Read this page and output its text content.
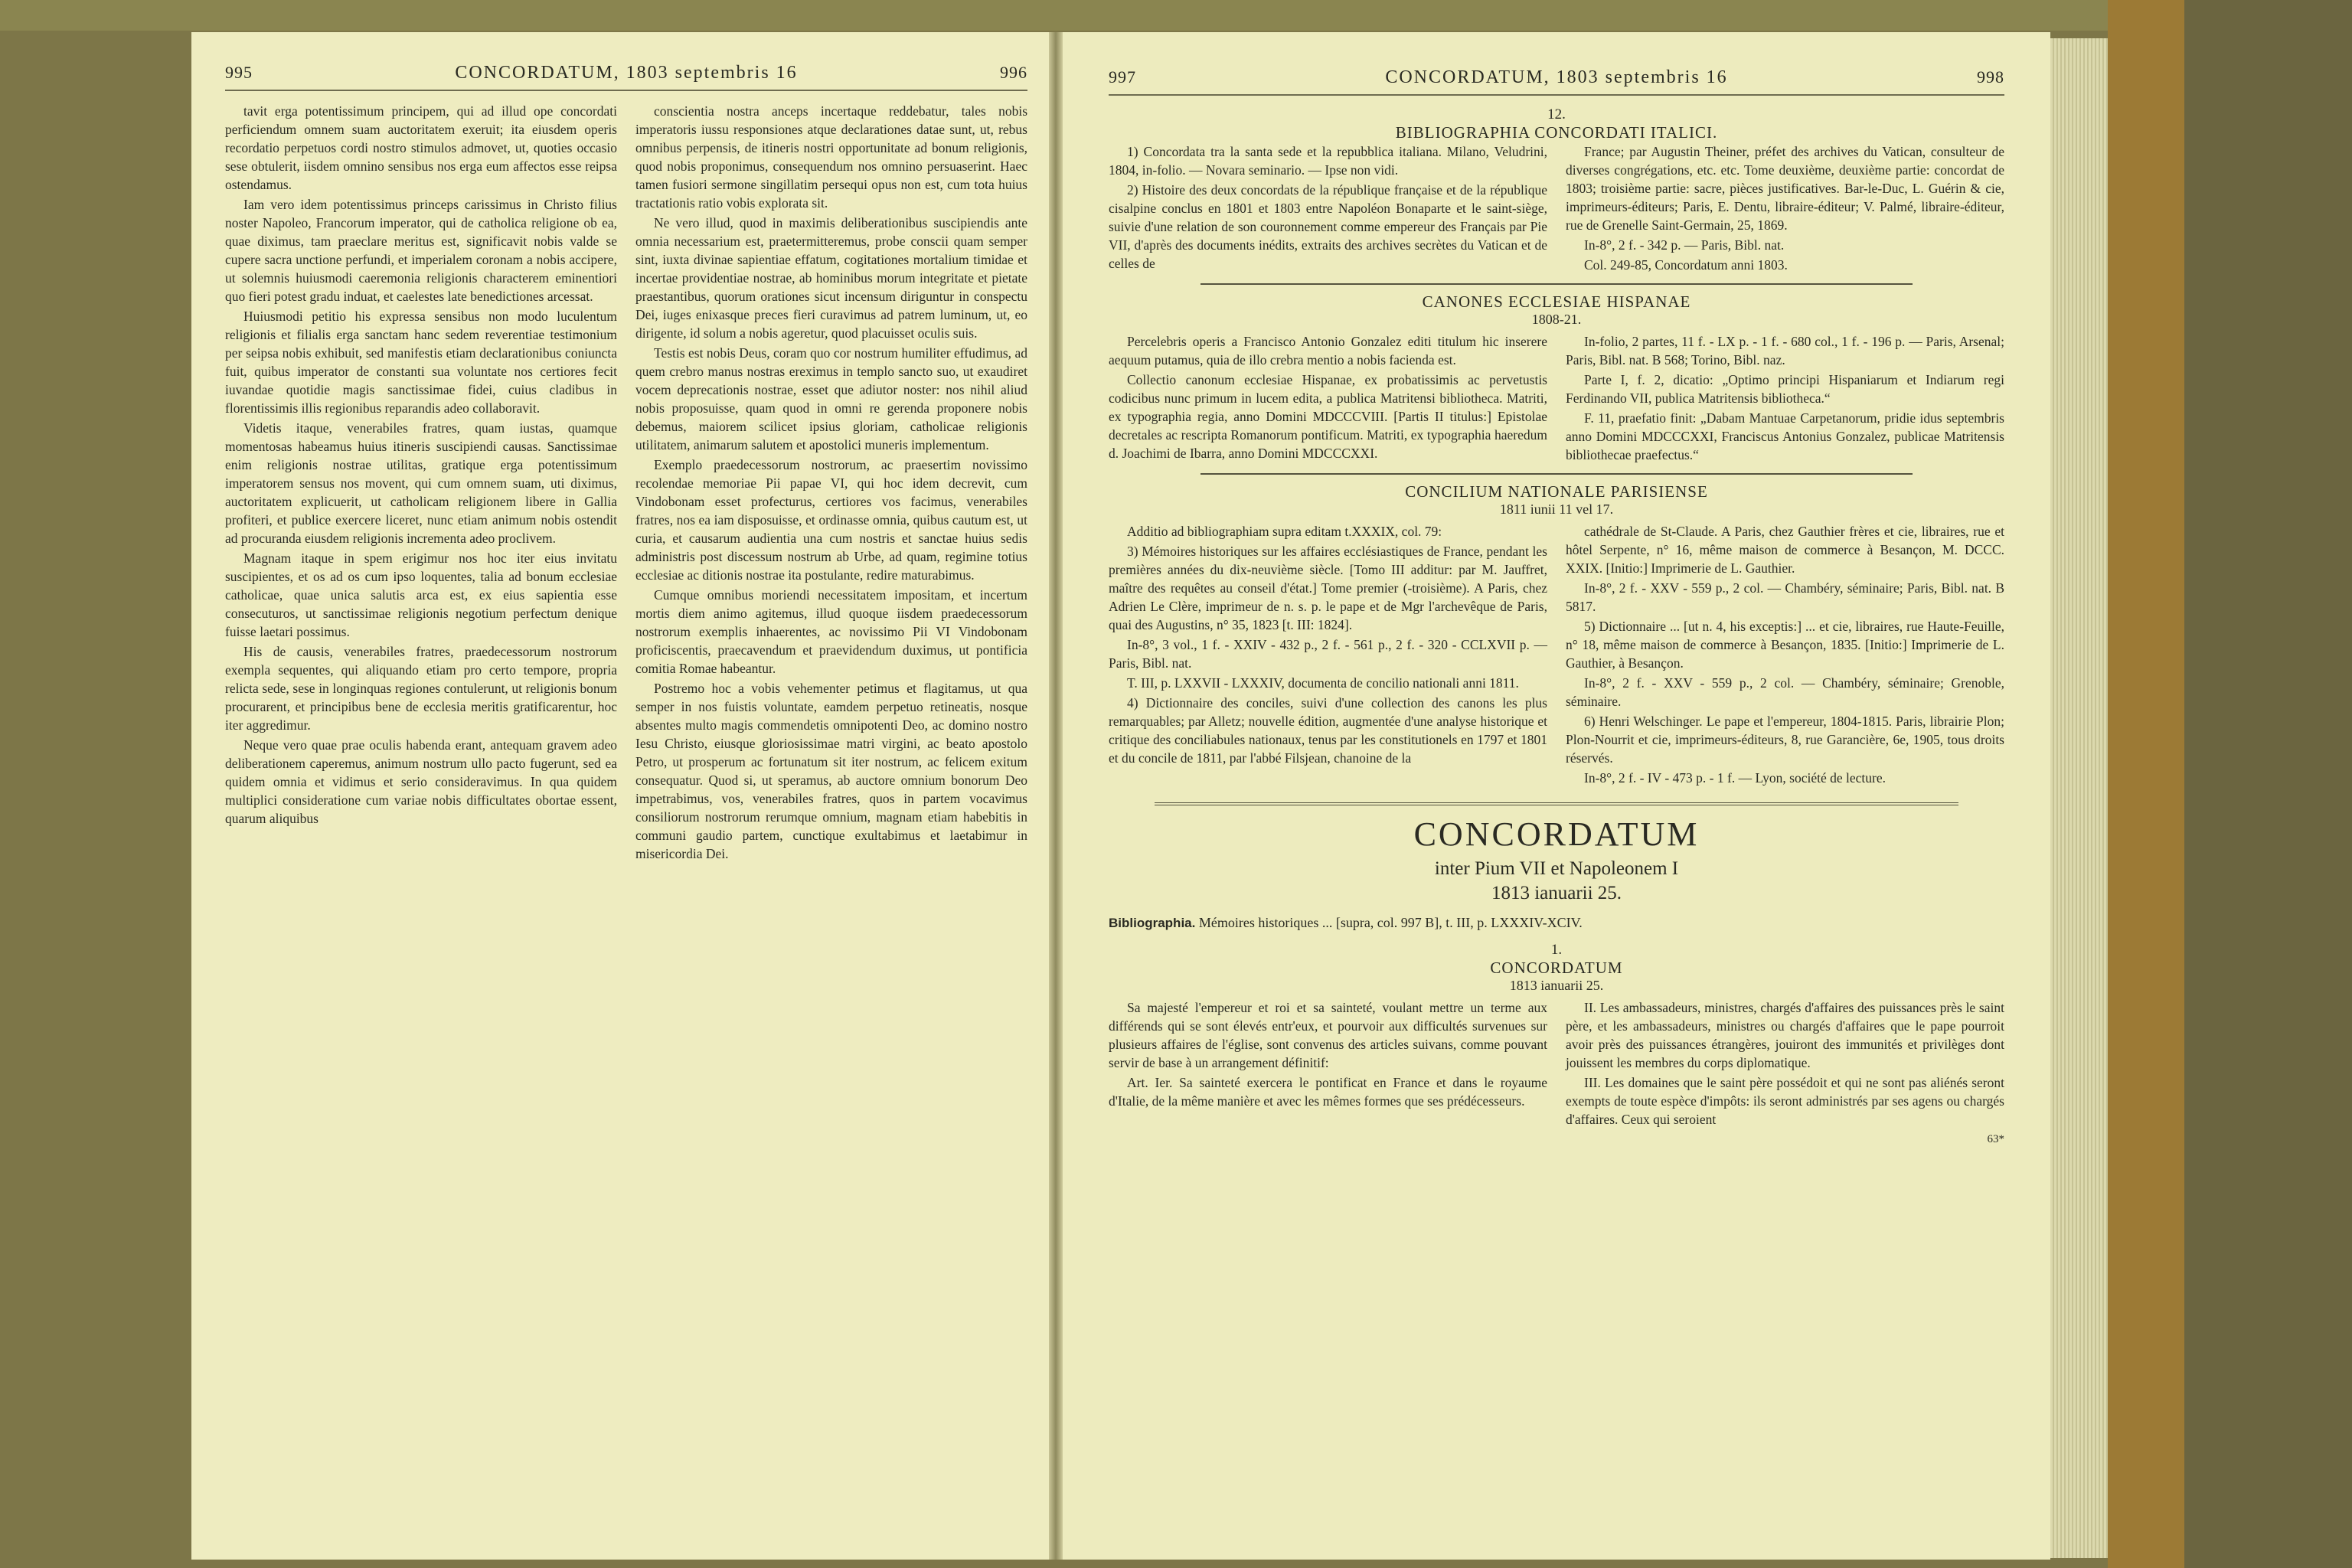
995	CONCORDATUM, 1803 septembris 16	996

tavit erga potentissimum principem, qui ad illud ope concordati perficiendum omnem suam auctoritatem exeruit; ita eiusdem operis recordatio perpetuos cordi nostro stimulos admovet, ut, quoties occasio sese obtulerit, iisdem omnino sensibus nos erga eum affectos esse reipsa ostendamus.

Iam vero idem potentissimus princeps carissimus in Christo filius noster Napoleo, Francorum imperator, qui de catholica religione ob ea, quae diximus, tam praeclare meritus est, significavit nobis valde se cupere sacra unctione perfundi, et imperialem coronam a nobis accipere, ut solemnis huiusmodi caeremonia religionis characterem eminentiori quo fieri potest gradu induat, et caelestes late benedictiones arcessat.

Huiusmodi petitio his expressa sensibus non modo luculentum religionis et filialis erga sanctam hanc sedem reverentiae testimonium per seipsa nobis exhibuit, sed manifestis etiam declarationibus coniuncta fuit, quibus imperator de constanti sua voluntate nos certiores fecit iuvandae quotidie magis sanctissimae fidei, cuius cladibus in florentissimis illis regionibus reparandis adeo collaboravit.

Videtis itaque, venerabiles fratres, quam iustas, quamque momentosas habeamus huius itineris suscipiendi causas. Sanctissimae enim religionis nostrae utilitas, gratique erga potentissimum imperatorem sensus nos movent, qui cum omnem suam, uti diximus, auctoritatem explicuerit, ut catholicam religionem libere in Gallia profiteri, et publice exercere liceret, nunc etiam animum nobis ostendit ad procuranda eiusdem religionis incrementa adeo proclivem.

Magnam itaque in spem erigimur nos hoc iter eius invitatu suscipientes, et os ad os cum ipso loquentes, talia ad bonum ecclesiae catholicae, quae unica salutis arca est, ex eius sapientia esse consecuturos, ut sanctissimae religionis negotium perfectum denique fuisse laetari possimus.

His de causis, venerabiles fratres, praedecessorum nostrorum exempla sequentes, qui aliquando etiam pro certo tempore, propria relicta sede, sese in longinquas regiones contulerunt, ut religionis bonum procurarent, et principibus bene de ecclesia meritis gratificarentur, hoc iter aggredimur.

Neque vero quae prae oculis habenda erant, antequam gravem adeo deliberationem caperemus, animum nostrum ullo pacto fugerunt, sed ea quidem omnia et vidimus et serio consideravimus. In qua quidem multiplici consideratione cum variae nobis difficultates obortae essent, quarum aliquibus

conscientia nostra anceps incertaque reddebatur, tales nobis imperatoris iussu responsiones atque declarationes datae sunt, ut, rebus omnibus perpensis, de itineris nostri opportunitate ad bonum religionis, quod nobis proponimus, consequendum nos omnino persuaserint. Haec tamen fusiori sermone singillatim persequi opus non est, cum tota huius tractationis ratio vobis explorata sit.

Ne vero illud, quod in maximis deliberationibus suscipiendis ante omnia necessarium est, praetermitteremus, probe conscii quam semper sint, iuxta divinae sapientiae effatum, cogitationes mortalium timidae et incertae providentiae nostrae, ab hominibus morum integritate et pietate praestantibus, quorum orationes sicut incensum diriguntur in conspectu Dei, iuges enixasque preces fieri curavimus ad patrem luminum, ut, eo dirigente, id solum a nobis ageretur, quod placuisset oculis suis.

Testis est nobis Deus, coram quo cor nostrum humiliter effudimus, ad quem crebro manus nostras ereximus in templo sancto suo, ut exaudiret vocem deprecationis nostrae, esset que adiutor noster: nos nihil aliud nobis proposuisse, quam quod in omni re gerenda proponere nobis debemus, maiorem scilicet ipsius gloriam, catholicae religionis utilitatem, animarum salutem et apostolici muneris implementum.

Exemplo praedecessorum nostrorum, ac praesertim novissimo recolendae memoriae Pii papae VI, qui hoc idem decrevit, cum Vindobonam esset profecturus, certiores vos facimus, venerabiles fratres, nos ea iam disposuisse, et ordinasse omnia, quibus cautum est, ut curia, et causarum audientia una cum nostris et sanctae huius sedis administris post discessum nostrum ab Urbe, ad quam, regimine totius ecclesiae ac ditionis nostrae ita postulante, redire maturabimus.

Cumque omnibus moriendi necessitatem impositam, et incertum mortis diem animo agitemus, illud quoque iisdem praedecessorum nostrorum exemplis inhaerentes, ac novissimo Pii VI Vindobonam proficiscentis, praecavendum et praevidendum duximus, ut pontificia comitia Romae habeantur.

Postremo hoc a vobis vehementer petimus et flagitamus, ut qua semper in nos fuistis voluntate, eamdem perpetuo retineatis, nosque absentes multo magis commendetis omnipotenti Deo, ac domino nostro Iesu Christo, eiusque gloriosissimae matri virgini, ac beato apostolo Petro, ut prosperum ac fortunatum sit iter nostrum, ac felicem exitum consequatur. Quod si, ut speramus, ab auctore omnium bonorum Deo impetrabimus, vos, venerabiles fratres, quos in partem vocavimus consiliorum nostrorum rerumque omnium, magnam etiam habebitis in communi gaudio partem, cunctique exultabimus et laetabimur in misericordia Dei.

997	CONCORDATUM, 1803 septembris 16	998

12.

BIBLIOGRAPHIA CONCORDATI ITALICI.

1) Concordata tra la santa sede et la repubblica italiana. Milano, Veludrini, 1804, in-folio. — Novara seminario. — Ipse non vidi.

2) Histoire des deux concordats de la république française et de la république cisalpine conclus en 1801 et 1803 entre Napoléon Bonaparte et le saint-siège, suivie d'une relation de son couronnement comme empereur des Français par Pie VII, d'après des documents inédits, extraits des archives secrètes du Vatican et de celles de

France; par Augustin Theiner, préfet des archives du Vatican, consulteur de diverses congrégations, etc. etc. Tome deuxième, deuxième partie: concordat de 1803; troisième partie: sacre, pièces justificatives. Bar-le-Duc, L. Guérin & cie, imprimeurs-éditeurs; Paris, E. Dentu, libraire-éditeur; V. Palmé, libraire-éditeur, rue de Grenelle Saint-Germain, 25, 1869.

In-8°, 2 f. - 342 p. — Paris, Bibl. nat.

Col. 249-85, Concordatum anni 1803.

CANONES ECCLESIAE HISPANAE

1808-21.

Percelebris operis a Francisco Antonio Gonzalez editi titulum hic inserere aequum putamus, quia de illo crebra mentio a nobis facienda est.

Collectio canonum ecclesiae Hispanae, ex probatissimis ac pervetustis codicibus nunc primum in lucem edita, a publica Matritensi bibliotheca. Matriti, ex typographia regia, anno Domini MDCCCVIII. [Partis II titulus:] Epistolae decretales ac rescripta Romanorum pontificum. Matriti, ex typographia haeredum d. Joachimi de Ibarra, anno Domini MDCCCXXI.

In-folio, 2 partes, 11 f. - LX p. - 1 f. - 680 col., 1 f. - 196 p. — Paris, Arsenal; Paris, Bibl. nat. B 568; Torino, Bibl. naz.

Parte I, f. 2, dicatio: „Optimo principi Hispaniarum et Indiarum regi Ferdinando VII, publica Matritensis bibliotheca.“

F. 11, praefatio finit: „Dabam Mantuae Carpetanorum, pridie idus septembris anno Domini MDCCCXXI, Franciscus Antonius Gonzalez, publicae Matritensis bibliothecae praefectus.“

CONCILIUM NATIONALE PARISIENSE

1811 iunii 11 vel 17.

Additio ad bibliographiam supra editam t.XXXIX, col. 79:

3) Mémoires historiques sur les affaires ecclésiastiques de France, pendant les premières années du dix-neuvième siècle. [Tomo III additur: par M. Jauffret, maître des requêtes au conseil d'état.] Tome premier (-troisième). A Paris, chez Adrien Le Clère, imprimeur de n. s. p. le pape et de Mgr l'archevêque de Paris, quai des Augustins, n° 35, 1823 [t. III: 1824].

In-8°, 3 vol., 1 f. - XXIV - 432 p., 2 f. - 561 p., 2 f. - 320 - CCLXVII p. — Paris, Bibl. nat.

T. III, p. LXXVII - LXXXIV, documenta de concilio nationali anni 1811.

4) Dictionnaire des conciles, suivi d'une collection des canons les plus remarquables; par Alletz; nouvelle édition, augmentée d'une analyse historique et critique des conciliabules nationaux, tenus par les constitutionels en 1797 et 1801 et du concile de 1811, par l'abbé Filsjean, chanoine de la

cathédrale de St-Claude. A Paris, chez Gauthier frères et cie, libraires, rue et hôtel Serpente, n° 16, même maison de commerce à Besançon, M. DCCC. XXIX. [Initio:] Imprimerie de L. Gauthier.

In-8°, 2 f. - XXV - 559 p., 2 col. — Chambéry, séminaire; Paris, Bibl. nat. B 5817.

5) Dictionnaire ... [ut n. 4, his exceptis:] ... et cie, libraires, rue Haute-Feuille, n° 18, même maison de commerce à Besançon, 1835. [Initio:] Imprimerie de L. Gauthier, à Besançon.

In-8°, 2 f. - XXV - 559 p., 2 col. — Chambéry, séminaire; Grenoble, séminaire.

6) Henri Welschinger. Le pape et l'empereur, 1804-1815. Paris, librairie Plon; Plon-Nourrit et cie, imprimeurs-éditeurs, 8, rue Garancière, 6e, 1905, tous droits réservés.

In-8°, 2 f. - IV - 473 p. - 1 f. — Lyon, société de lecture.

CONCORDATUM

inter Pium VII et Napoleonem I

1813 ianuarii 25.

Bibliographia. Mémoires historiques ... [supra, col. 997 B], t. III, p. LXXXIV-XCIV.

1.

CONCORDATUM

1813 ianuarii 25.

Sa majesté l'empereur et roi et sa sainteté, voulant mettre un terme aux différends qui se sont élevés entr'eux, et pourvoir aux difficultés survenues sur plusieurs affaires de l'église, sont convenus des articles suivans, comme pouvant servir de base à un arrangement définitif:

Art. Ier. Sa sainteté exercera le pontificat en France et dans le royaume d'Italie, de la même manière et avec les mêmes formes que ses prédécesseurs.

II. Les ambassadeurs, ministres, chargés d'affaires des puissances près le saint père, et les ambassadeurs, ministres ou chargés d'affaires que le pape pourroit avoir près des puissances étrangères, jouiront des immunités et privilèges dont jouissent les membres du corps diplomatique.

III. Les domaines que le saint père possédoit et qui ne sont pas aliénés seront exempts de toute espèce d'impôts: ils seront administrés par ses agens ou chargés d'affaires. Ceux qui seroient

63*
